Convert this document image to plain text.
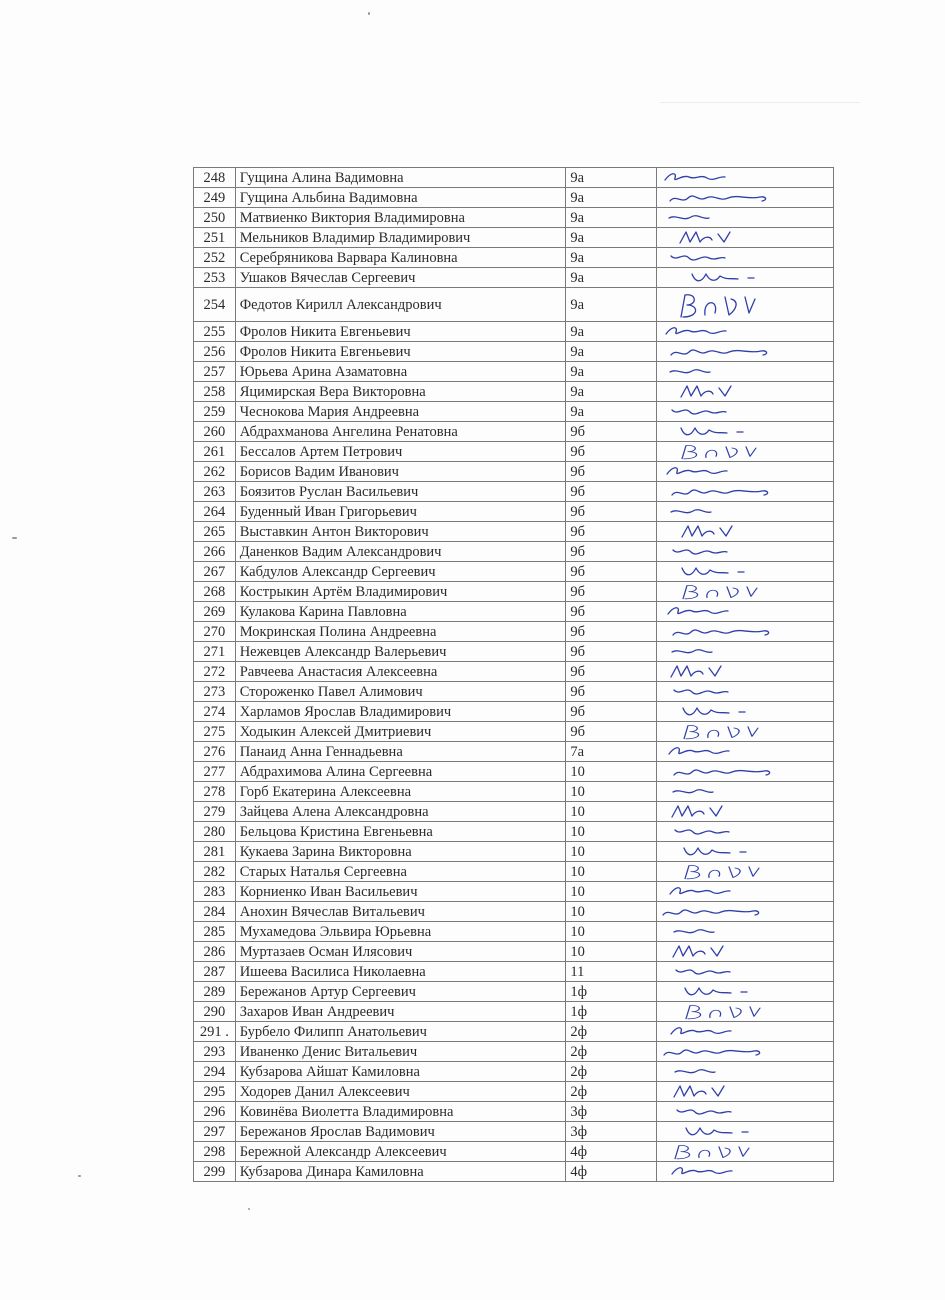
248	Гущина Алина Вадимовна	9а	

249	Гущина Альбина Вадимовна	9а	

250	Матвиенко Виктория Владимировна	9а	

251	Мельников Владимир Владимирович	9а	

252	Серебряникова Варвара Калиновна	9а	

253	Ушаков Вячеслав Сергеевич	9а	

254	Федотов Кирилл Александрович	9а	

255	Фролов Никита Евгеньевич	9а	

256	Фролов Никита Евгеньевич	9а	

257	Юрьева Арина Азаматовна	9а	

258	Яцимирская Вера Викторовна	9а	

259	Чеснокова Мария Андреевна	9а	

260	Абдрахманова Ангелина Ренатовна	9б	

261	Бессалов Артем Петрович	9б	

262	Борисов Вадим Иванович	9б	

263	Боязитов Руслан Васильевич	9б	

264	Буденный Иван Григорьевич	9б	

265	Выставкин Антон Викторович	9б	

266	Даненков Вадим Александрович	9б	

267	Кабдулов Александр Сергеевич	9б	

268	Кострыкин Артём Владимирович	9б	

269	Кулакова Карина Павловна	9б	

270	Мокринская Полина Андреевна	9б	

271	Нежевцев Александр Валерьевич	9б	

272	Равчеева Анастасия Алексеевна	9б	

273	Стороженко Павел Алимович	9б	

274	Харламов Ярослав Владимирович	9б	

275	Ходыкин Алексей Дмитриевич	9б	

276	Панаид Анна Геннадьевна	7а	

277	Абдрахимова Алина Сергеевна	10	

278	Горб Екатерина Алексеевна	10	

279	Зайцева Алена Александровна	10	

280	Бельцова Кристина Евгеньевна	10	

281	Кукаева Зарина Викторовна	10	

282	Старых Наталья Сергеевна	10	

283	Корниенко Иван Васильевич	10	

284	Анохин Вячеслав Витальевич	10	

285	Мухамедова Эльвира Юрьевна	10	

286	Муртазаев Осман Илясович	10	

287	Ишеева Василиса Николаевна	11	

289	Бережанов Артур Сергеевич	1ф	

290	Захаров Иван Андреевич	1ф	

291 .	Бурбело Филипп Анатольевич	2ф	

293	Иваненко Денис Витальевич	2ф	

294	Кубзарова Айшат Камиловна	2ф	

295	Ходорев Данил Алексеевич	2ф	

296	Ковинёва Виолетта Владимировна	3ф	

297	Бережанов Ярослав Вадимович	3ф	

298	Бережной Александр Алексеевич	4ф	

299	Кубзарова Динара Камиловна	4ф	
